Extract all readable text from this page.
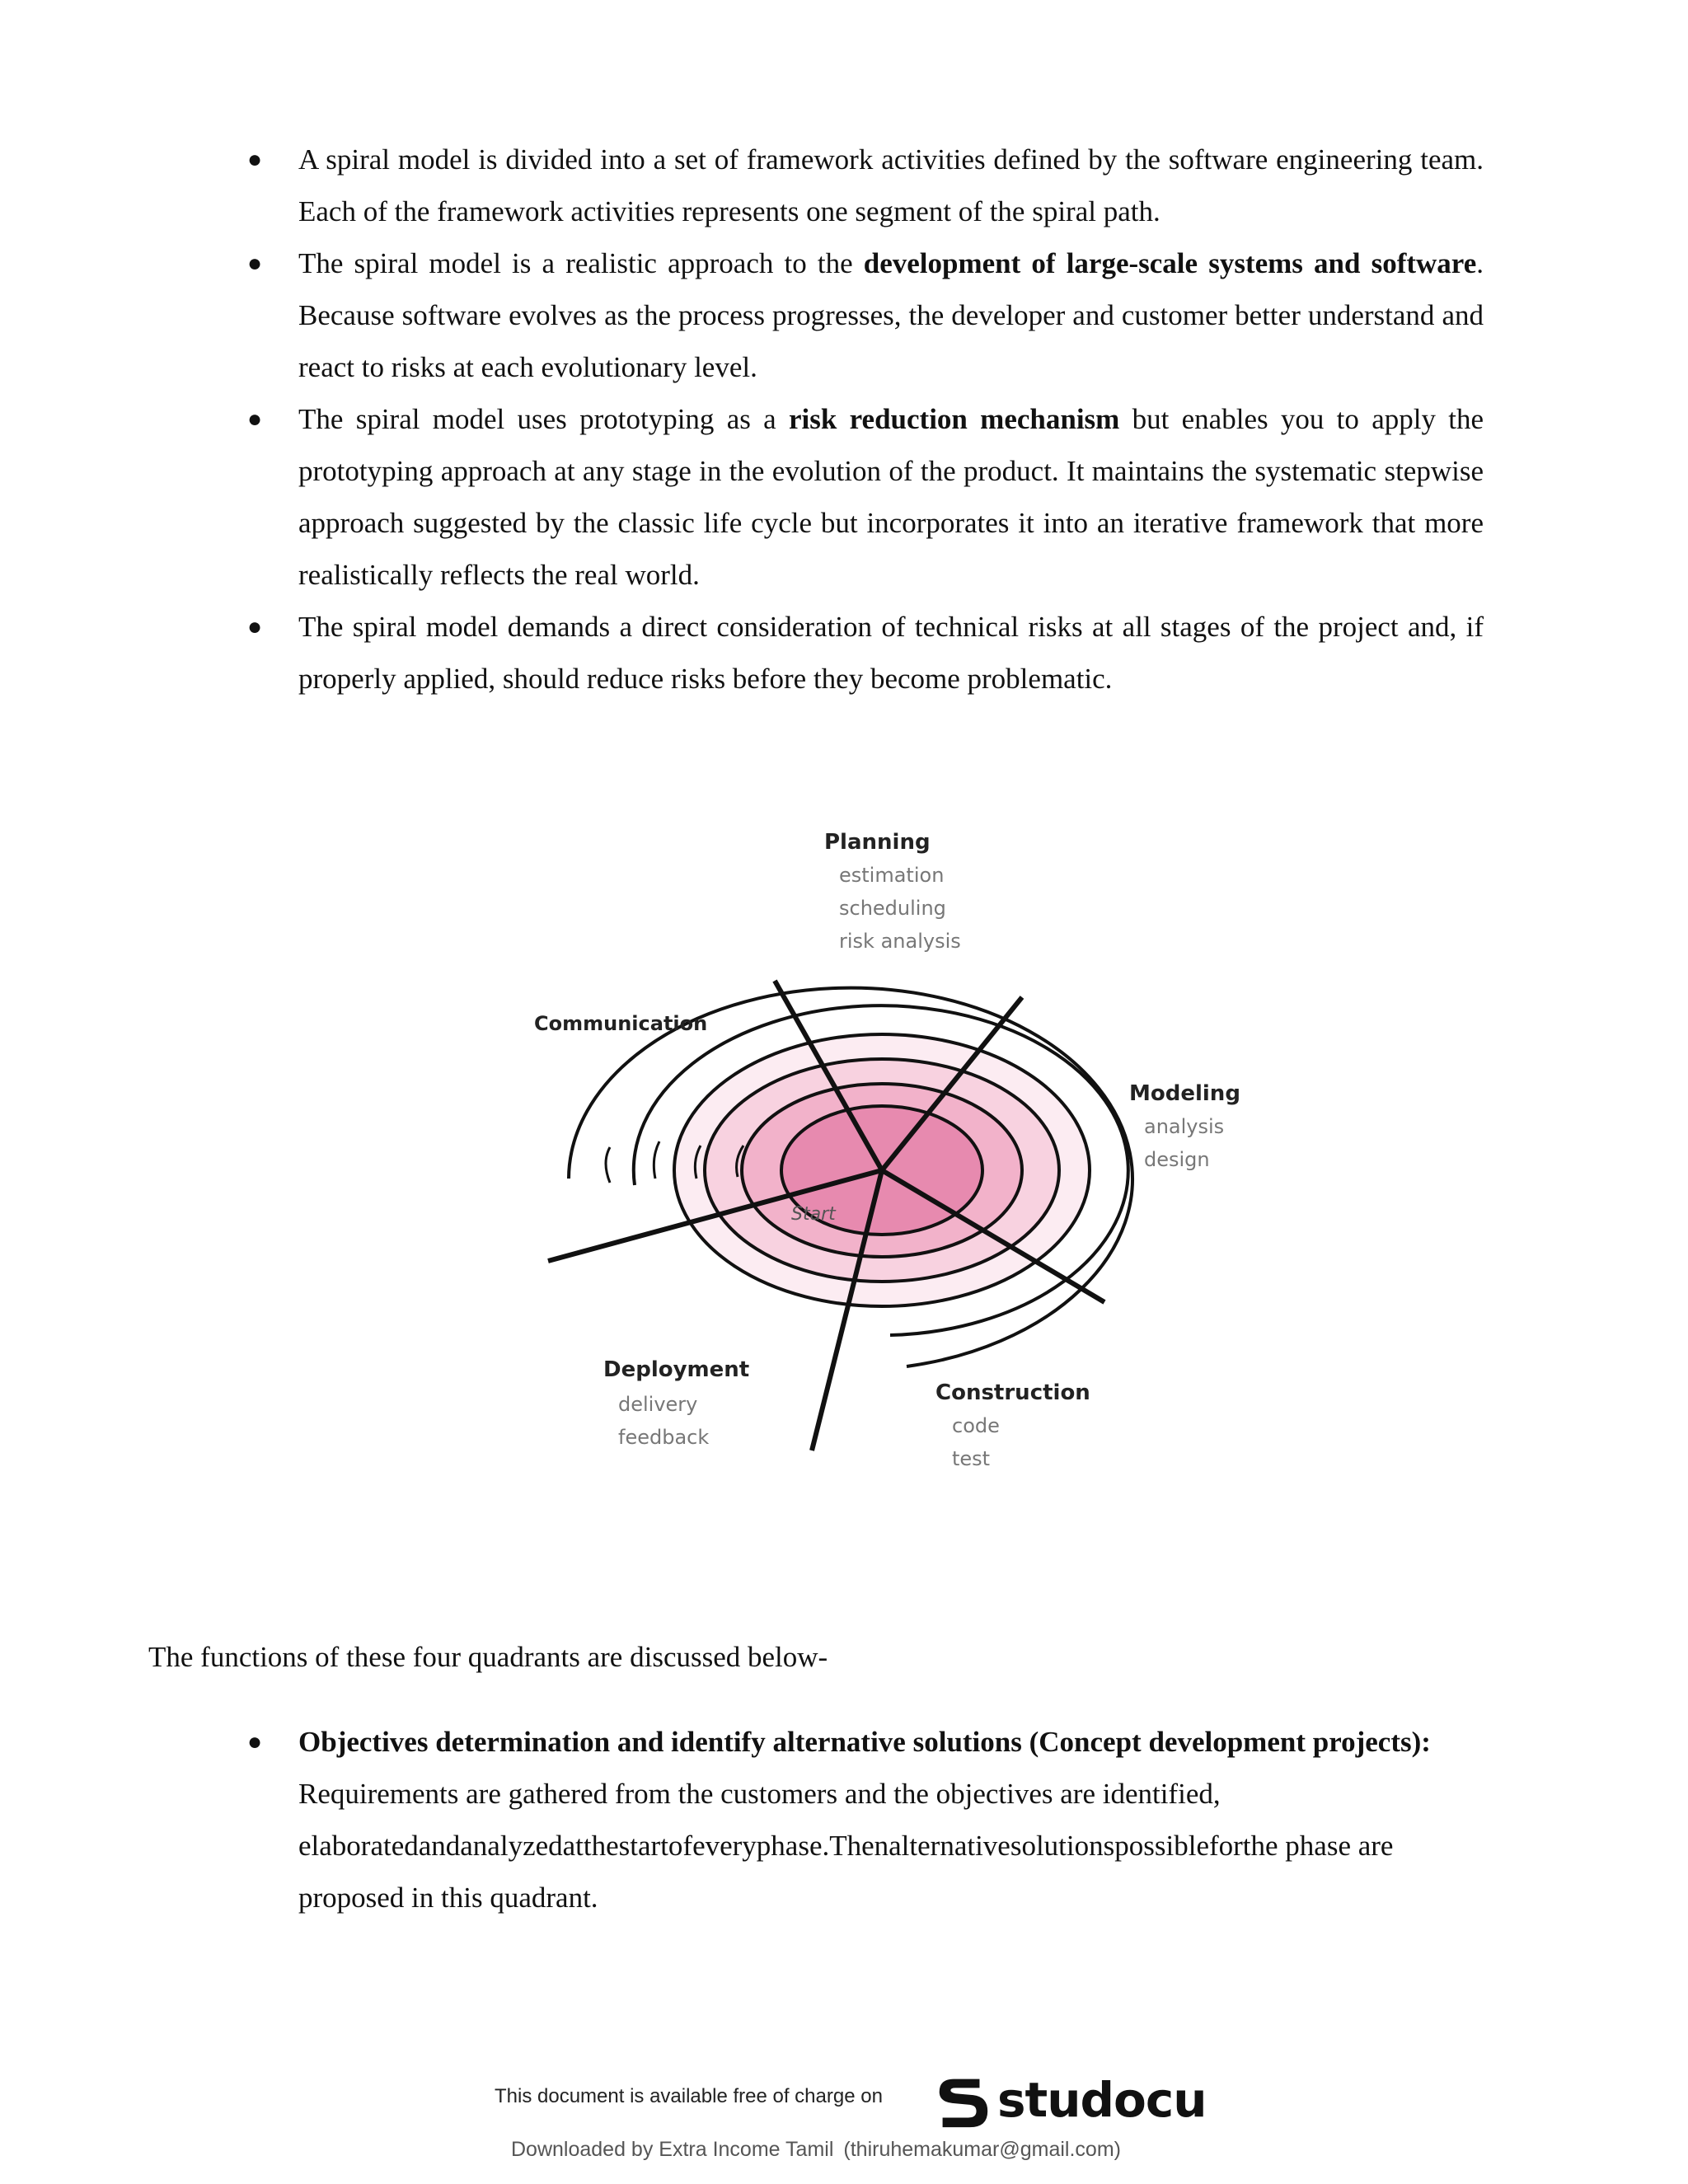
● A spiral model is divided into a set of framework activities defined by the software engineering team. Each of the framework activities represents one segment of the spiral path.
● The spiral model is a realistic approach to the development of large-scale systems and software. Because software evolves as the process progresses, the developer and customer better understand and react to risks at each evolutionary level.
● The spiral model uses prototyping as a risk reduction mechanism but enables you to apply the prototyping approach at any stage in the evolution of the product. It maintains the systematic stepwise approach suggested by the classic life cycle but incorporates it into an iterative framework that more realistically reflects the real world.
● The spiral model demands a direct consideration of technical risks at all stages of the project and, if properly applied, should reduce risks before they become problematic.
Planning
estimation
scheduling
risk analysis
Communication
Modeling
analysis
design
Start
Deployment
delivery
feedback
Construction
code
test

The functions of these four quadrants are discussed below-

● Objectives determination and identify alternative solutions (Concept development projects): Requirements are gathered from the customers and the objectives are identified, elaboratedandanalyzedatthestartofeveryphase.Thenalternativesolutionspossibleforthe phase are proposed in this quadrant.
This document is available free of charge on studocu
Downloaded by Extra Income Tamil (thiruhemakumar@gmail.com)
